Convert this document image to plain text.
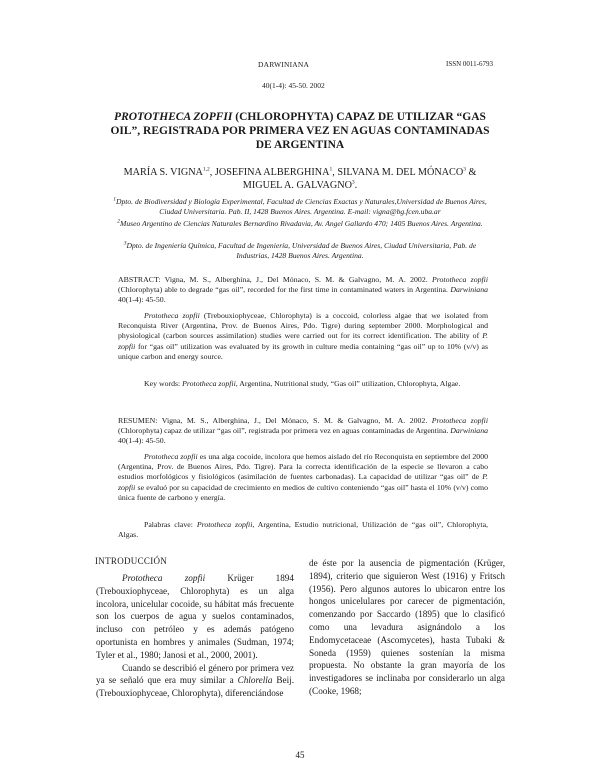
DARWINIANA	ISSN 0011-6793
40(1-4): 45-50. 2002
PROTOTHECA ZOPFII (CHLOROPHYTA) CAPAZ DE UTILIZAR “GAS OIL”, REGISTRADA POR PRIMERA VEZ EN AGUAS CONTAMINADAS DE ARGENTINA
MARÍA S. VIGNA$^{1,2}$, JOSEFINA ALBERGHINA$^1$, SILVANA M. DEL MÓNACO$^3$ & MIGUEL A. GALVAGNO$^3$.
$^1$Dpto. de Biodiversidad y Biología Experimental, Facultad de Ciencias Exactas y Naturales,Universidad de Buenos Aires, Ciudad Universitaria. Pab. II, 1428 Buenos Aires. Argentina. E-mail: vigna@bg.fcen.uba.ar
$^2$Museo Argentino de Ciencias Naturales Bernardino Rivadavia, Av. Angel Gallardo 470; 1405 Buenos Aires. Argentina.
$^3$Dpto. de Ingeniería Química, Facultad de Ingeniería, Universidad de Buenos Aires, Ciudad Universitaria, Pab. de Industrias, 1428 Buenos Aires. Argentina.
ABSTRACT: Vigna, M. S., Alberghina, J., Del Mónaco, S. M. & Galvagno, M. A. 2002. Prototheca zopfii (Chlorophyta) able to degrade “gas oil”, recorded for the first time in contaminated waters in Argentina. Darwiniana 40(1-4): 45-50.
Prototheca zopfii (Trebouxiophyceae, Chlorophyta) is a coccoid, colorless algae that we isolated from Reconquista River (Argentina, Prov. de Buenos Aires, Pdo. Tigre) during september 2000. Morphological and physiological (carbon sources assimilation) studies were carried out for its correct identification. The ability of P. zopfii for “gas oil” utilization was evaluated by its growth in culture media containing “gas oil” up to 10% (v/v) as unique carbon and energy source.
Key words: Prototheca zopfii, Argentina, Nutritional study, “Gas oil” utilization, Chlorophyta, Algae.
RESUMEN: Vigna, M. S., Alberghina, J., Del Mónaco, S. M. & Galvagno, M. A. 2002. Prototheca zopfii (Chlorophyta) capaz de utilizar “gas oil”, registrada por primera vez en aguas contaminadas de Argentina. Darwiniana 40(1-4): 45-50.
Prototheca zopfii es una alga cocoide, incolora que hemos aislado del río Reconquista en septiembre del 2000 (Argentina, Prov. de Buenos Aires, Pdo. Tigre). Para la correcta identificación de la especie se llevaron a cabo estudios morfológicos y fisiológicos (asimilación de fuentes carbonadas). La capacidad de utilizar “gas oil” de P. zopfii se evaluó por su capacidad de crecimiento en medios de cultivo conteniendo “gas oil” hasta el 10% (v/v) como única fuente de carbono y energía.
Palabras clave: Prototheca zopfii, Argentina, Estudio nutricional, Utilización de “gas oil”, Chlorophyta, Algas.
INTRODUCCIÓN
Prototheca zopfii Krüger 1894 (Trebouxiophyceae, Chlorophyta) es un alga incolora, unicelular cocoide, su hábitat más frecuente son los cuerpos de agua y suelos contaminados, incluso con petróleo y es además patógeno oportunista en hombres y animales (Sudman, 1974; Tyler et al., 1980; Janosi et al., 2000, 2001).
Cuando se describió el género por primera vez ya se señaló que era muy similar a Chlorella Beij. (Trebouxiophyceae, Chlorophyta), diferenciándose
de éste por la ausencia de pigmentación (Krüger, 1894), criterio que siguieron West (1916) y Fritsch (1956). Pero algunos autores lo ubicaron entre los hongos unicelulares por carecer de pigmentación, comenzando por Saccardo (1895) que lo clasificó como una levadura asignándolo a los Endomycetaceae (Ascomycetes), hasta Tubaki & Soneda (1959) quienes sostenían la misma propuesta. No obstante la gran mayoría de los investigadores se inclinaba por considerarlo un alga (Cooke, 1968;
45
